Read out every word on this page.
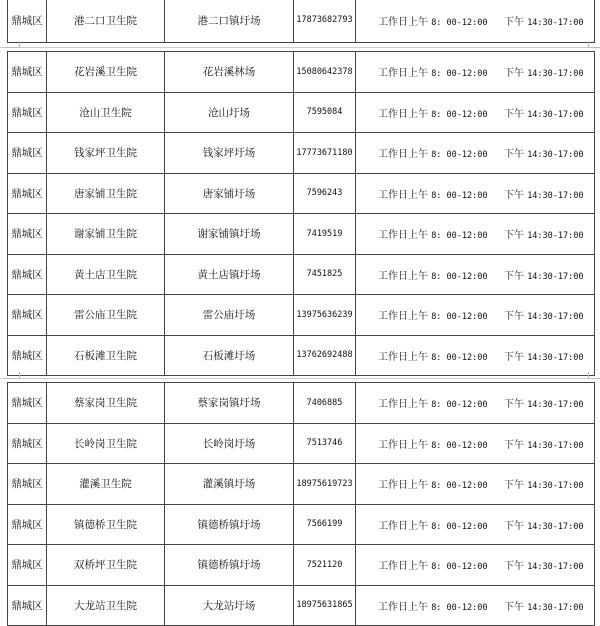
鼎城区	港二口卫生院	港二口镇圩场	17873682793	工作日上午 8: 00-12:00 下午 14:30-17:00
鼎城区	花岩溪卫生院	花岩溪林场	15080642378	工作日上午 8: 00-12:00 下午 14:30-17:00
鼎城区	沧山卫生院	沧山圩场	7595084	工作日上午 8: 00-12:00 下午 14:30-17:00
鼎城区	钱家坪卫生院	钱家坪圩场	17773671180	工作日上午 8: 00-12:00 下午 14:30-17:00
鼎城区	唐家铺卫生院	唐家铺圩场	7596243	工作日上午 8: 00-12:00 下午 14:30-17:00
鼎城区	谢家铺卫生院	谢家铺镇圩场	7419519	工作日上午 8: 00-12:00 下午 14:30-17:00
鼎城区	黄土店卫生院	黄土店镇圩场	7451825	工作日上午 8: 00-12:00 下午 14:30-17:00
鼎城区	雷公庙卫生院	雷公庙圩场	13975636239	工作日上午 8: 00-12:00 下午 14:30-17:00
鼎城区	石板滩卫生院	石板滩圩场	13762692488	工作日上午 8: 00-12:00 下午 14:30-17:00
鼎城区	蔡家岗卫生院	蔡家岗镇圩场	7406885	工作日上午 8: 00-12:00 下午 14:30-17:00
鼎城区	长岭岗卫生院	长岭岗圩场	7513746	工作日上午 8: 00-12:00 下午 14:30-17:00
鼎城区	灌溪卫生院	灌溪镇圩场	18975619723	工作日上午 8: 00-12:00 下午 14:30-17:00
鼎城区	镇德桥卫生院	镇德桥镇圩场	7566199	工作日上午 8: 00-12:00 下午 14:30-17:00
鼎城区	双桥坪卫生院	镇德桥镇圩场	7521120	工作日上午 8: 00-12:00 下午 14:30-17:00
鼎城区	大龙站卫生院	大龙站圩场	18975631865	工作日上午 8: 00-12:00 下午 14:30-17:00
